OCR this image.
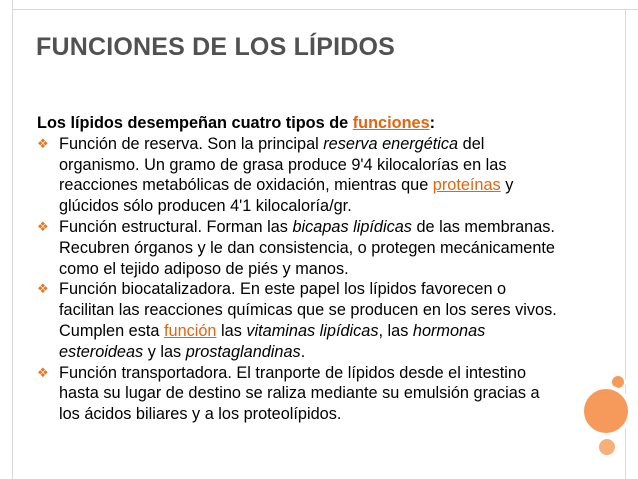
FUNCIONES DE LOS LÍPIDOS

Los lípidos desempeñan cuatro tipos de funciones:

❖ Función de reserva. Son la principal reserva energética del organismo. Un gramo de grasa produce 9'4 kilocalorías en las reacciones metabólicas de oxidación, mientras que proteínas y glúcidos sólo producen 4'1 kilocaloría/gr.
❖ Función estructural. Forman las bicapas lipídicas de las membranas. Recubren órganos y le dan consistencia, o protegen mecánicamente como el tejido adiposo de piés y manos.
❖ Función biocatalizadora. En este papel los lípidos favorecen o facilitan las reacciones químicas que se producen en los seres vivos. Cumplen esta función las vitaminas lipídicas, las hormonas esteroideas y las prostaglandinas.
❖ Función transportadora. El tranporte de lípidos desde el intestino hasta su lugar de destino se raliza mediante su emulsión gracias a los ácidos biliares y a los proteolípidos.
